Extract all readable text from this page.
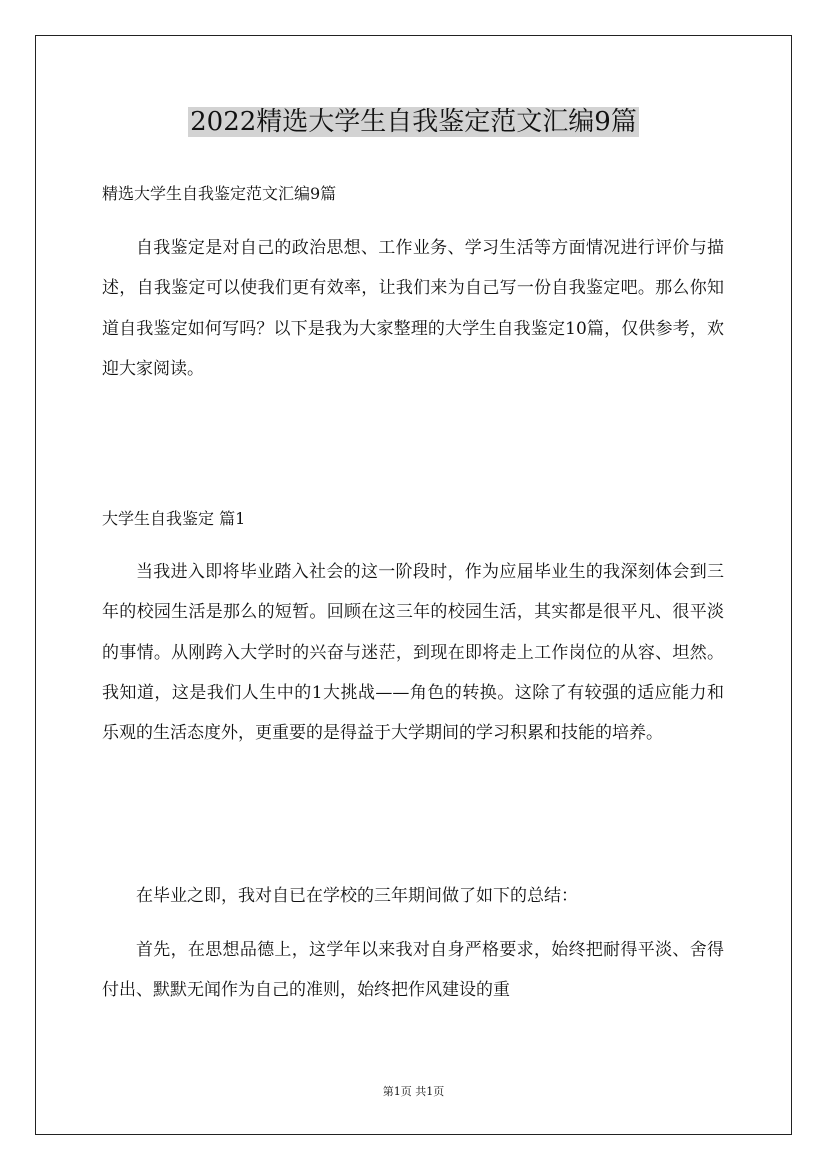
2022精选大学生自我鉴定范文汇编9篇
精选大学生自我鉴定范文汇编9篇

自我鉴定是对自己的政治思想、工作业务、学习生活等方面情况进行评价与描述，自我鉴定可以使我们更有效率，让我们来为自己写一份自我鉴定吧。那么你知道自我鉴定如何写吗？以下是我为大家整理的大学生自我鉴定10篇，仅供参考，欢迎大家阅读。

大学生自我鉴定 篇1

当我进入即将毕业踏入社会的这一阶段时，作为应届毕业生的我深刻体会到三年的校园生活是那么的短暂。回顾在这三年的校园生活，其实都是很平凡、很平淡的事情。从刚跨入大学时的兴奋与迷茫，到现在即将走上工作岗位的从容、坦然。我知道，这是我们人生中的1大挑战——角色的转换。这除了有较强的适应能力和乐观的生活态度外，更重要的是得益于大学期间的学习积累和技能的培养。

在毕业之即，我对自已在学校的三年期间做了如下的总结：

首先，在思想品德上，这学年以来我对自身严格要求，始终把耐得平淡、舍得付出、默默无闻作为自己的准则，始终把作风建设的重

第1页 共1页
